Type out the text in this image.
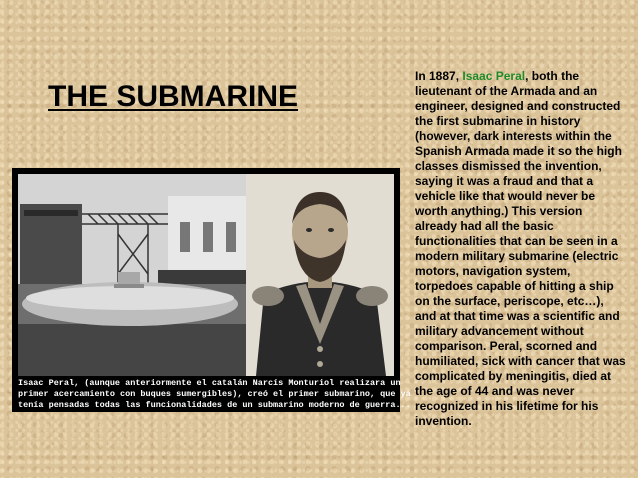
THE SUBMARINE
Isaac Peral, (aunque anteriormente el catalán Narcís Monturiol realizara un
primer acercamiento con buques sumergibles), creó el primer submarino, que ya
tenía pensadas todas las funcionalidades de un submarino moderno de guerra...

In 1887, Isaac Peral, both the lieutenant of the Armada and an engineer, designed and constructed the first submarine in history (however, dark interests within the Spanish Armada made it so the high classes dismissed the invention, saying it was a fraud and that a vehicle like that would never be worth anything.) This version already had all the basic functionalities that can be seen in a modern military submarine (electric motors, navigation system, torpedoes capable of hitting a ship on the surface, periscope, etc…), and at that time was a scientific and military advancement without comparison. Peral, scorned and humiliated, sick with cancer that was complicated by meningitis, died at the age of 44 and was never recognized in his lifetime for his invention.
